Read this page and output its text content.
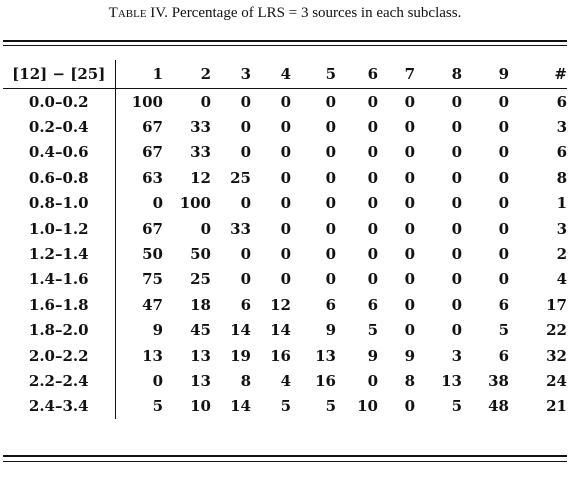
Table IV. Percentage of LRS = 3 sources in each subclass.
[12] − [25]	1	2	3	4	5	6	7	8	9	#
0.0–0.2	100	0	0	0	0	0	0	0	0	6
0.2–0.4	67	33	0	0	0	0	0	0	0	3
0.4–0.6	67	33	0	0	0	0	0	0	0	6
0.6–0.8	63	12	25	0	0	0	0	0	0	8
0.8–1.0	0	100	0	0	0	0	0	0	0	1
1.0–1.2	67	0	33	0	0	0	0	0	0	3
1.2–1.4	50	50	0	0	0	0	0	0	0	2
1.4–1.6	75	25	0	0	0	0	0	0	0	4
1.6–1.8	47	18	6	12	6	6	0	0	6	17
1.8–2.0	9	45	14	14	9	5	0	0	5	22
2.0–2.2	13	13	19	16	13	9	9	3	6	32
2.2–2.4	0	13	8	4	16	0	8	13	38	24
2.4–3.4	5	10	14	5	5	10	0	5	48	21
